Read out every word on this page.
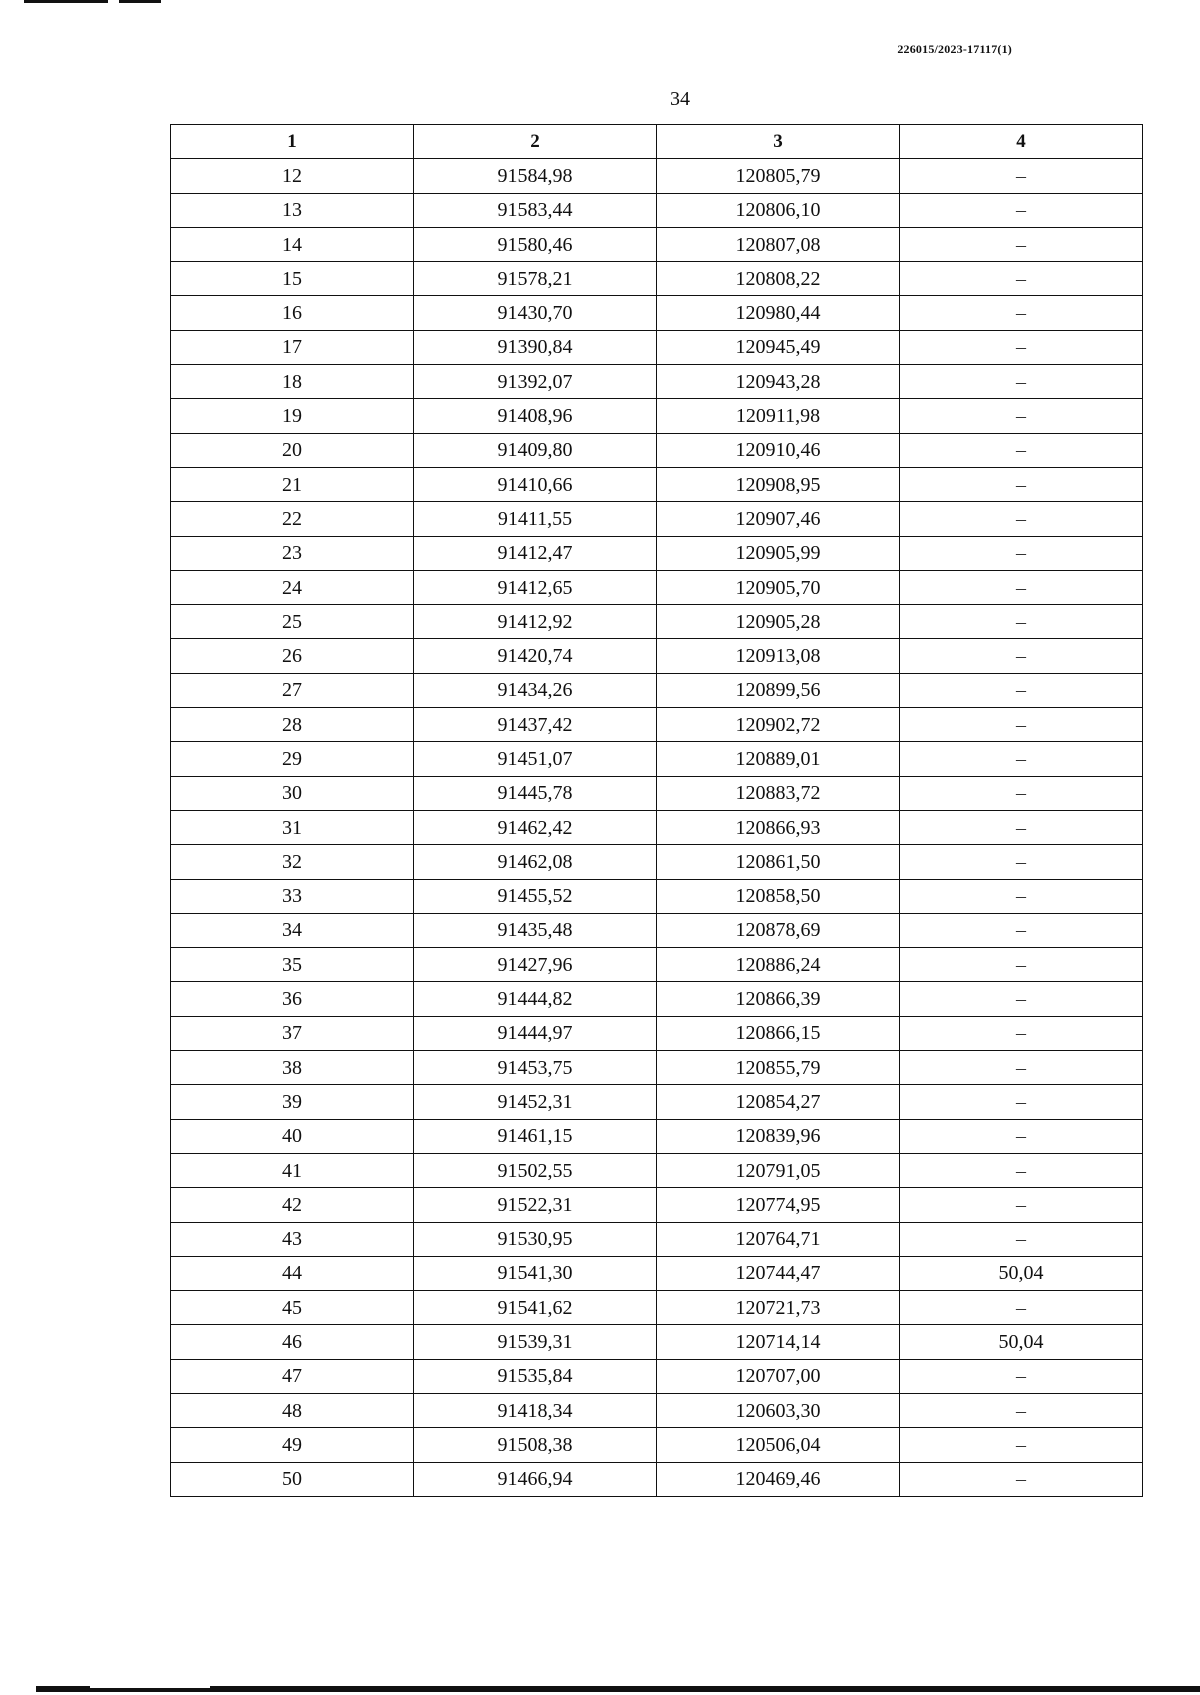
226015/2023-17117(1)
34
1	2	3	4
12	91584,98	120805,79	–
13	91583,44	120806,10	–
14	91580,46	120807,08	–
15	91578,21	120808,22	–
16	91430,70	120980,44	–
17	91390,84	120945,49	–
18	91392,07	120943,28	–
19	91408,96	120911,98	–
20	91409,80	120910,46	–
21	91410,66	120908,95	–
22	91411,55	120907,46	–
23	91412,47	120905,99	–
24	91412,65	120905,70	–
25	91412,92	120905,28	–
26	91420,74	120913,08	–
27	91434,26	120899,56	–
28	91437,42	120902,72	–
29	91451,07	120889,01	–
30	91445,78	120883,72	–
31	91462,42	120866,93	–
32	91462,08	120861,50	–
33	91455,52	120858,50	–
34	91435,48	120878,69	–
35	91427,96	120886,24	–
36	91444,82	120866,39	–
37	91444,97	120866,15	–
38	91453,75	120855,79	–
39	91452,31	120854,27	–
40	91461,15	120839,96	–
41	91502,55	120791,05	–
42	91522,31	120774,95	–
43	91530,95	120764,71	–
44	91541,30	120744,47	50,04
45	91541,62	120721,73	–
46	91539,31	120714,14	50,04
47	91535,84	120707,00	–
48	91418,34	120603,30	–
49	91508,38	120506,04	–
50	91466,94	120469,46	–
